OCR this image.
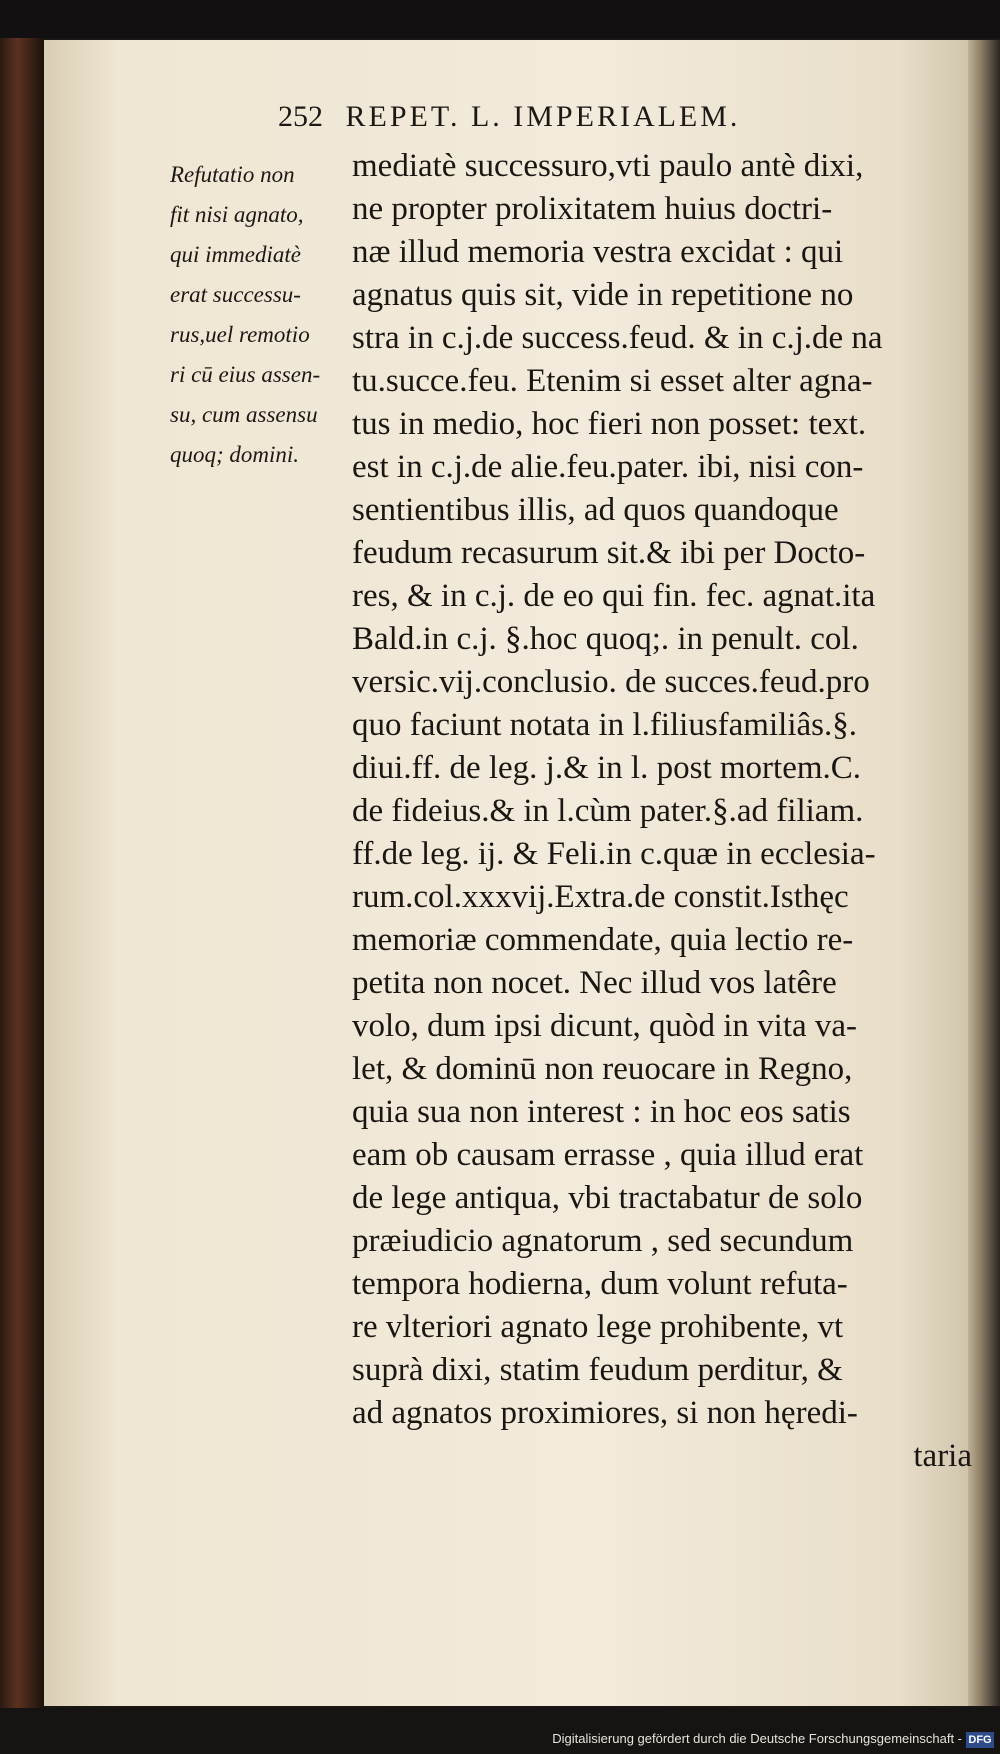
252 REPET. L. IMPERIALEM.
Refutatio non
fit nisi agnato,
qui immediatè
erat successu-
rus,uel remotio
ri cū eius assen-
su, cum assensu
quoq; domini.
mediatè successuro,vti paulo antè dixi,
ne propter prolixitatem huius doctri-
næ illud memoria vestra excidat : qui
agnatus quis sit, vide in repetitione no
stra in c.j.de success.feud. & in c.j.de na
tu.succe.feu. Etenim si esset alter agna-
tus in medio, hoc fieri non posset: text.
est in c.j.de alie.feu.pater. ibi, nisi con-
sentientibus illis, ad quos quandoque
feudum recasurum sit.& ibi per Docto-
res, & in c.j. de eo qui fin. fec. agnat.ita
Bald.in c.j. §.hoc quoq;. in penult. col.
versic.vij.conclusio. de succes.feud.pro
quo faciunt notata in l.filiusfamiliâs.§.
diui.ff. de leg. j.& in l. post mortem.C.
de fideius.& in l.cùm pater.§.ad filiam.
ff.de leg. ij. & Feli.in c.quæ in ecclesia-
rum.col.xxxvij.Extra.de constit.Isthęc
memoriæ commendate, quia lectio re-
petita non nocet. Nec illud vos latêre
volo, dum ipsi dicunt, quòd in vita va-
let, & dominū non reuocare in Regno,
quia sua non interest : in hoc eos satis
eam ob causam errasse , quia illud erat
de lege antiqua, vbi tractabatur de solo
præiudicio agnatorum , sed secundum
tempora hodierna, dum volunt refuta-
re vlteriori agnato lege prohibente, vt
suprà dixi, statim feudum perditur, &
ad agnatos proximiores, si non hęredi-
taria
Digitalisierung gefördert durch die Deutsche Forschungsgemeinschaft - DFG
